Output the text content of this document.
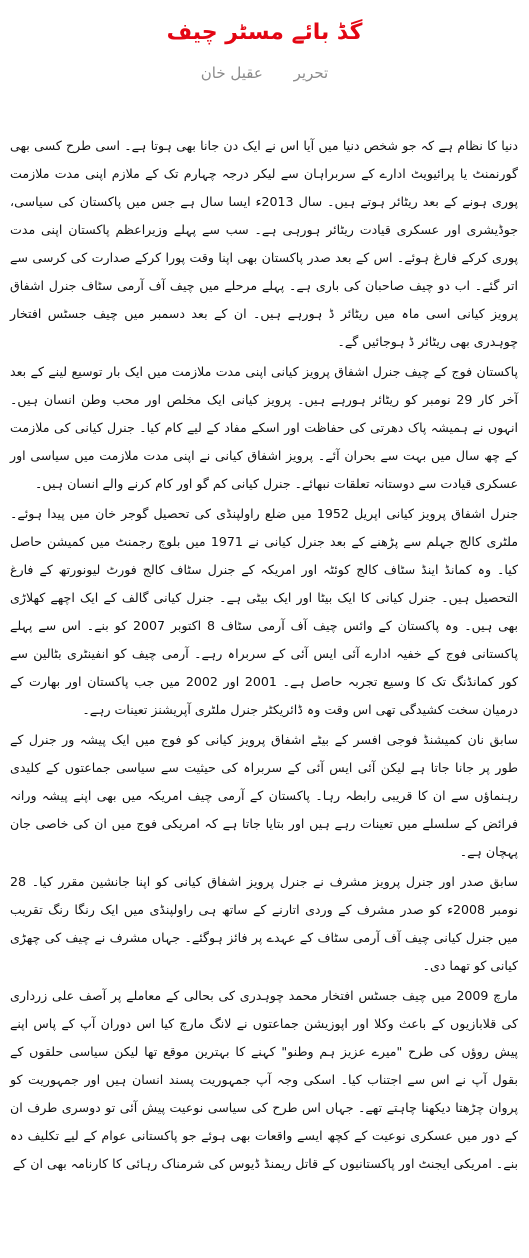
گڈ بائے مسٹر چیف
تحریر عقیل خان

دنیا کا نظام ہے کہ جو شخص دنیا میں آیا اس نے ایک دن جانا بھی ہوتا ہے۔ اسی طرح کسی بھی گورنمنٹ یا پرائیویٹ ادارے کے سربراہان سے لیکر درجہ چہارم تک کے ملازم اپنی مدت ملازمت پوری ہونے کے بعد ریٹائر ہوتے ہیں۔ سال 2013ء ایسا سال ہے جس میں پاکستان کی سیاسی، جوڈیشری اور عسکری قیادت ریٹائر ہورہی ہے۔ سب سے پہلے وزیراعظم پاکستان اپنی مدت پوری کرکے فارغ ہوئے۔ اس کے بعد صدر پاکستان بھی اپنا وقت پورا کرکے صدارت کی کرسی سے اتر گئے۔ اب دو چیف صاحبان کی باری ہے۔ پہلے مرحلے میں چیف آف آرمی سٹاف جنرل اشفاق پرویز کیانی اسی ماہ میں ریٹائر ڈ ہورہے ہیں۔ ان کے بعد دسمبر میں چیف جسٹس افتخار چوہدری بھی ریٹائر ڈ ہوجائیں گے۔

پاکستان فوج کے چیف جنرل اشفاق پرویز کیانی اپنی مدت ملازمت میں ایک بار توسیع لینے کے بعد آخر کار 29 نومبر کو ریٹائر ہورہے ہیں۔ پرویز کیانی ایک مخلص اور محب وطن انسان ہیں۔ انہوں نے ہمیشہ پاک دھرتی کی حفاظت اور اسکے مفاد کے لیے کام کیا۔ جنرل کیانی کی ملازمت کے چھ سال میں بہت سے بحران آئے۔ پرویز اشفاق کیانی نے اپنی مدت ملازمت میں سیاسی اور عسکری قیادت سے دوستانہ تعلقات نبھائے۔ جنرل کیانی کم گو اور کام کرنے والے انسان ہیں۔

جنرل اشفاق پرویز کیانی اپریل 1952 میں ضلع راولپنڈی کی تحصیل گوجر خان میں پیدا ہوئے۔ ملٹری کالج جہلم سے پڑھنے کے بعد جنرل کیانی نے 1971 میں بلوچ رجمنٹ میں کمیشن حاصل کیا۔ وہ کمانڈ اینڈ سٹاف کالج کوئٹہ اور امریکہ کے جنرل سٹاف کالج فورٹ لیونورتھ کے فارغ التحصیل ہیں۔ جنرل کیانی کا ایک بیٹا اور ایک بیٹی ہے۔ جنرل کیانی گالف کے ایک اچھے کھلاڑی بھی ہیں۔ وہ پاکستان کے وائس چیف آف آرمی سٹاف 8 اکتوبر 2007 کو بنے۔ اس سے پہلے پاکستانی فوج کے خفیہ ادارے آئی ایس آئی کے سربراہ رہے۔ آرمی چیف کو انفینٹری بٹالین سے کور کمانڈنگ تک کا وسیع تجربہ حاصل ہے۔ 2001 اور 2002 میں جب پاکستان اور بھارت کے درمیان سخت کشیدگی تھی اس وقت وہ ڈائریکٹر جنرل ملٹری آپریشنز تعینات رہے۔

سابق نان کمیشنڈ فوجی افسر کے بیٹے اشفاق پرویز کیانی کو فوج میں ایک پیشہ ور جنرل کے طور پر جانا جاتا ہے لیکن آئی ایس آئی کے سربراہ کی حیثیت سے سیاسی جماعتوں کے کلیدی رہنماؤں سے ان کا قریبی رابطہ رہا۔ پاکستان کے آرمی چیف امریکہ میں بھی اپنے پیشہ ورانہ فرائض کے سلسلے میں تعینات رہے ہیں اور بتایا جاتا ہے کہ امریکی فوج میں ان کی خاصی جان پہچان ہے۔

سابق صدر اور جنرل پرویز مشرف نے جنرل پرویز اشفاق کیانی کو اپنا جانشین مقرر کیا۔ 28 نومبر 2008ء کو صدر مشرف کے وردی اتارنے کے ساتھ ہی راولپنڈی میں ایک رنگا رنگ تقریب میں جنرل کیانی چیف آف آرمی سٹاف کے عہدے پر فائز ہوگئے۔ جہاں مشرف نے چیف کی چھڑی کیانی کو تھما دی۔

مارچ 2009 میں چیف جسٹس افتخار محمد چوہدری کی بحالی کے معاملے پر آصف علی زرداری کی قلابازیوں کے باعث وکلا اور اپوزیشن جماعتوں نے لانگ مارچ کیا اس دوران آپ کے پاس اپنے پیش روؤں کی طرح "میرے عزیز ہم وطنو" کہنے کا بہترین موقع تھا لیکن سیاسی حلقوں کے بقول آپ نے اس سے اجتناب کیا۔ اسکی وجہ آپ جمہوریت پسند انسان ہیں اور جمہوریت کو پروان چڑھتا دیکھنا چاہتے تھے۔ جہاں اس طرح کی سیاسی نوعیت پیش آئی تو دوسری طرف ان کے دور میں عسکری نوعیت کے کچھ ایسے واقعات بھی ہوئے جو پاکستانی عوام کے لیے تکلیف دہ بنے۔ امریکی ایجنٹ اور پاکستانیوں کے قاتل ریمنڈ ڈیوس کی شرمناک رہائی کا کارنامہ بھی ان کے
